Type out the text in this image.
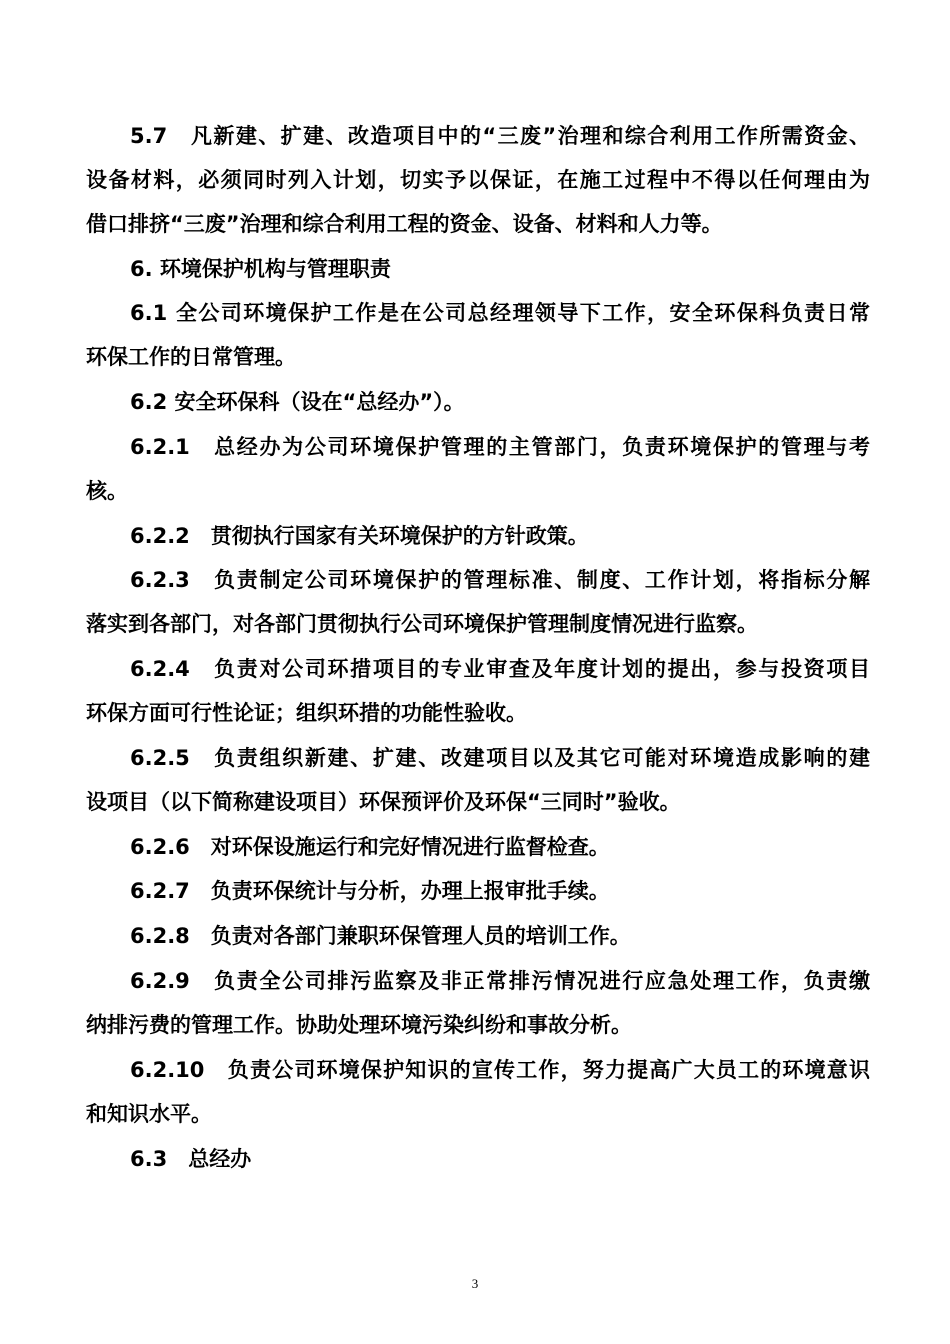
5.7　凡新建、扩建、改造项目中的“三废”治理和综合利用工作所需资金、
设备材料，必须同时列入计划，切实予以保证，在施工过程中不得以任何理由为
借口排挤“三废”治理和综合利用工程的资金、设备、材料和人力等。
6. 环境保护机构与管理职责
6.1 全公司环境保护工作是在公司总经理领导下工作，安全环保科负责日常
环保工作的日常管理。
6.2 安全环保科（设在“总经办”）。
6.2.1　总经办为公司环境保护管理的主管部门，负责环境保护的管理与考
核。
6.2.2　贯彻执行国家有关环境保护的方针政策。
6.2.3　负责制定公司环境保护的管理标准、制度、工作计划，将指标分解
落实到各部门，对各部门贯彻执行公司环境保护管理制度情况进行监察。
6.2.4　负责对公司环措项目的专业审查及年度计划的提出，参与投资项目
环保方面可行性论证；组织环措的功能性验收。
6.2.5　负责组织新建、扩建、改建项目以及其它可能对环境造成影响的建
设项目（以下简称建设项目）环保预评价及环保“三同时”验收。
6.2.6　对环保设施运行和完好情况进行监督检查。
6.2.7　负责环保统计与分析，办理上报审批手续。
6.2.8　负责对各部门兼职环保管理人员的培训工作。
6.2.9　负责全公司排污监察及非正常排污情况进行应急处理工作，负责缴
纳排污费的管理工作。协助处理环境污染纠纷和事故分析。
6.2.10　负责公司环境保护知识的宣传工作，努力提高广大员工的环境意识
和知识水平。
6.3　总经办
3
